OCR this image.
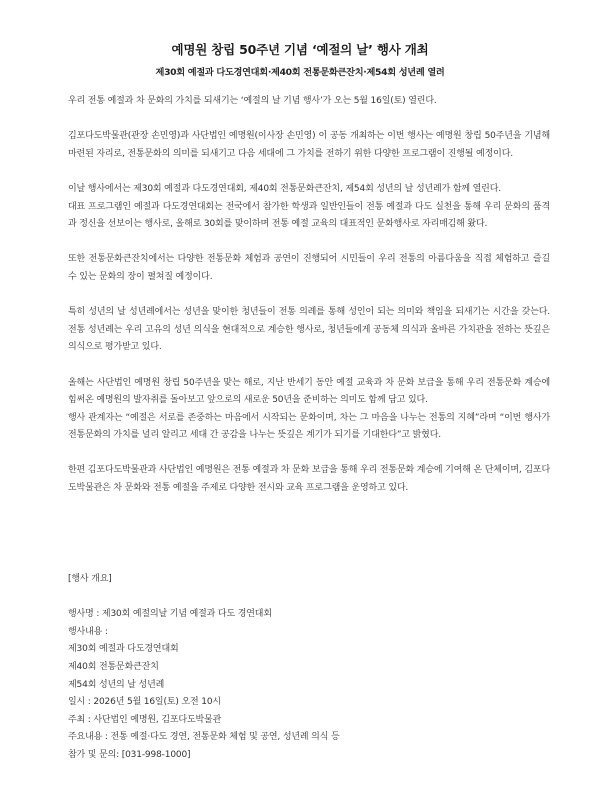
예명원 창립 50주년 기념 ‘예절의 날’ 행사 개최
제30회 예절과 다도경연대회·제40회 전통문화큰잔치·제54회 성년례 열려

우리 전통 예절과 차 문화의 가치를 되새기는 ‘예절의 날 기념 행사’가 오는 5월 16일(토) 열린다.

김포다도박물관(관장 손민영)과 사단법인 예명원(이사장 손민영) 이 공동 개최하는 이번 행사는 예명원 창립 50주년을 기념해 마련된 자리로, 전통문화의 의미를 되새기고 다음 세대에 그 가치를 전하기 위한 다양한 프로그램이 진행될 예정이다.

이날 행사에서는 제30회 예절과 다도경연대회, 제40회 전통문화큰잔치, 제54회 성년의 날 성년례가 함께 열린다.

대표 프로그램인 예절과 다도경연대회는 전국에서 참가한 학생과 일반인들이 전통 예절과 다도 실천을 통해 우리 문화의 품격과 정신을 선보이는 행사로, 올해로 30회를 맞이하며 전통 예절 교육의 대표적인 문화행사로 자리매김해 왔다.

또한 전통문화큰잔치에서는 다양한 전통문화 체험과 공연이 진행되어 시민들이 우리 전통의 아름다움을 직접 체험하고 즐길 수 있는 문화의 장이 펼쳐질 예정이다.

특히 성년의 날 성년례에서는 성년을 맞이한 청년들이 전통 의례를 통해 성인이 되는 의미와 책임을 되새기는 시간을 갖는다. 전통 성년례는 우리 고유의 성년 의식을 현대적으로 계승한 행사로, 청년들에게 공동체 의식과 올바른 가치관을 전하는 뜻깊은 의식으로 평가받고 있다.

올해는 사단법인 예명원 창립 50주년을 맞는 해로, 지난 반세기 동안 예절 교육과 차 문화 보급을 통해 우리 전통문화 계승에 힘써온 예명원의 발자취를 돌아보고 앞으로의 새로운 50년을 준비하는 의미도 함께 담고 있다.

행사 관계자는 “예절은 서로를 존중하는 마음에서 시작되는 문화이며, 차는 그 마음을 나누는 전통의 지혜”라며 “이번 행사가 전통문화의 가치를 널리 알리고 세대 간 공감을 나누는 뜻깊은 계기가 되기를 기대한다”고 밝혔다.

한편 김포다도박물관과 사단법인 예명원은 전통 예절과 차 문화 보급을 통해 우리 전통문화 계승에 기여해 온 단체이며, 김포다도박물관은 차 문화와 전통 예절을 주제로 다양한 전시와 교육 프로그램을 운영하고 있다.

[행사 개요]

행사명 : 제30회 예절의날 기념 예절과 다도 경연대회
행사내용 :
제30회 예절과 다도경연대회
제40회 전통문화큰잔치
제54회 성년의 날 성년례
일시 : 2026년 5월 16일(토) 오전 10시
주최 : 사단법인 예명원, 김포다도박물관
주요내용 : 전통 예절·다도 경연, 전통문화 체험 및 공연, 성년례 의식 등
참가 및 문의: [031-998-1000]
